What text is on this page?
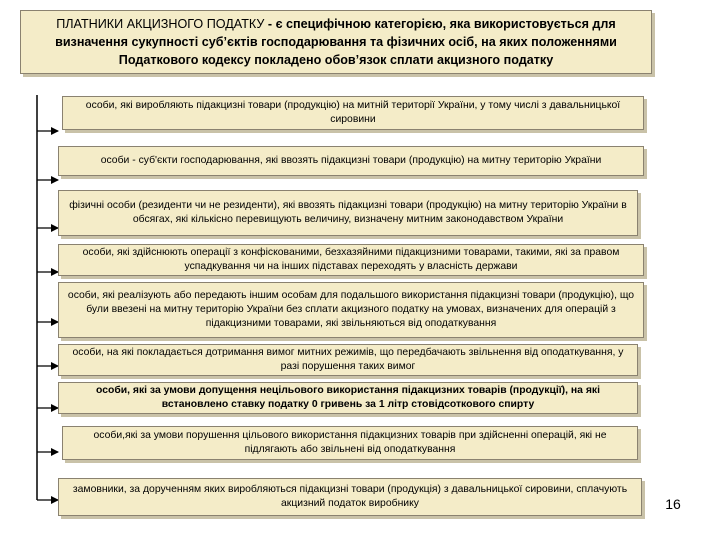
ПЛАТНИКИ АКЦИЗНОГО ПОДАТКУ - є специфічною категорією, яка використовується для визначення сукупності суб’єктів господарювання та фізичних осіб, на яких положеннями Податкового кодексу покладено обов’язок сплати акцизного податку
особи, які виробляють підакцизні товари (продукцію) на митній території України, у тому числі з давальницької сировини
особи - суб'єкти господарювання, які ввозять підакцизні товари (продукцію) на митну територію України
фізичні особи (резиденти чи не резиденти), які ввозять підакцизні товари (продукцію) на митну територію України в обсягах, які кількісно перевищують величину, визначену митним законодавством України
особи, які здійснюють операції з конфіскованими, безхазяйними підакцизними товарами, такими, які за правом успадкування чи на інших підставах переходять у власність держави
особи, які реалізують або передають іншим особам для подальшого використання підакцизні товари (продукцію), що були ввезені на митну територію України без сплати акцизного податку на умовах, визначених для операцій з підакцизними товарами, які звільняються від оподаткування
особи, на які покладається дотримання вимог митних режимів, що передбачають звільнення від оподаткування, у разі порушення таких вимог
особи, які за умови допущення нецільового використання підакцизних товарів (продукції), на які встановлено ставку податку 0 гривень за 1 літр стовідсоткового спирту
особи,які за умови порушення цільового використання підакцизних товарів при здійсненні операцій, які не підлягають або звільнені від оподаткування
замовники, за дорученням яких виробляються підакцизні товари (продукція) з давальницької сировини, сплачують акцизний податок виробнику	16
